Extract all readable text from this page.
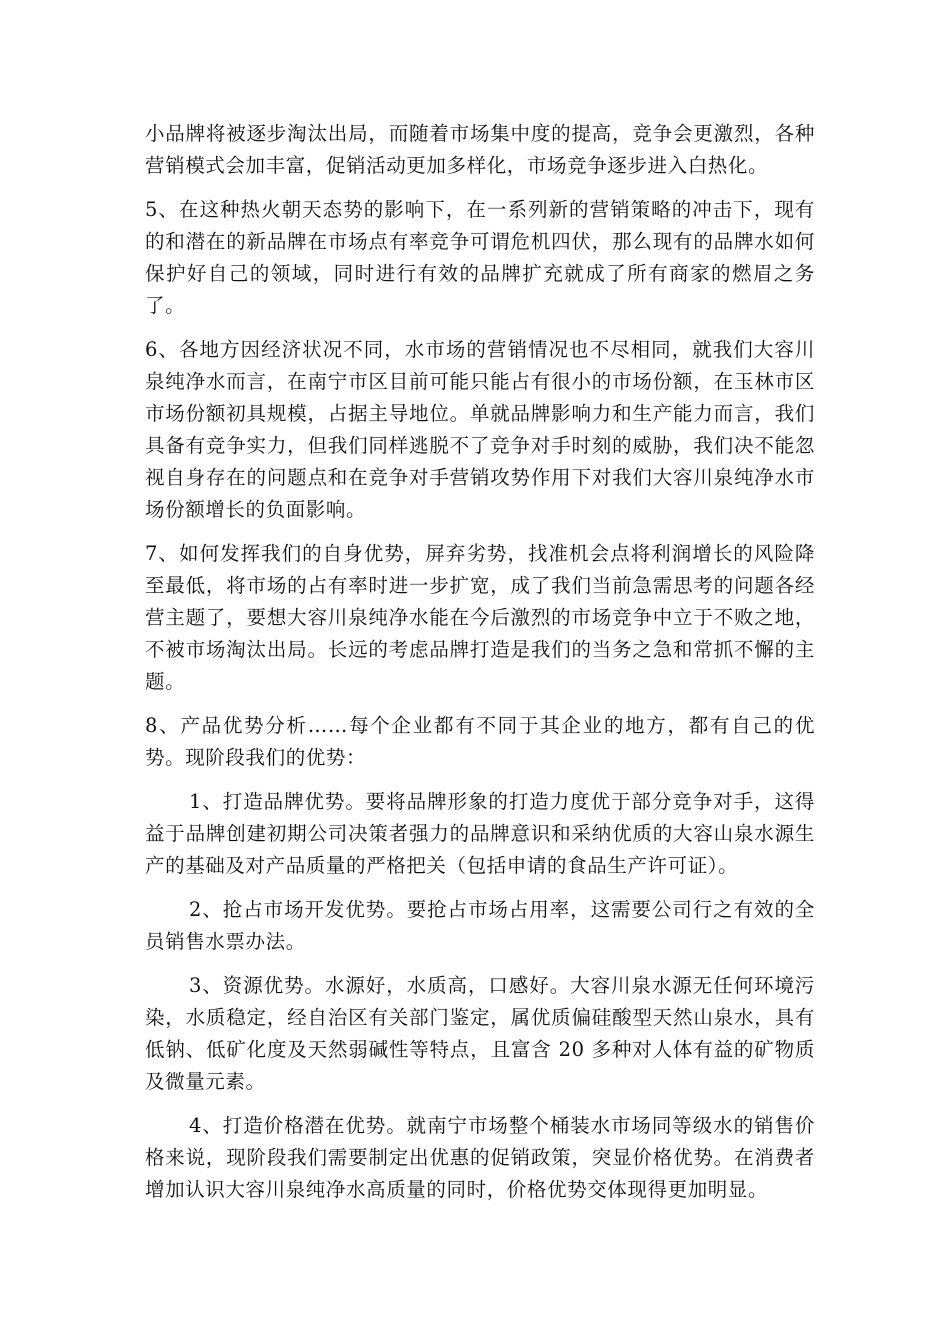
小品牌将被逐步淘汰出局，而随着市场集中度的提高，竞争会更激烈，各种营销模式会加丰富，促销活动更加多样化，市场竞争逐步进入白热化。

5、在这种热火朝天态势的影响下，在一系列新的营销策略的冲击下，现有的和潜在的新品牌在市场点有率竞争可谓危机四伏，那么现有的品牌水如何保护好自己的领域，同时进行有效的品牌扩充就成了所有商家的燃眉之务了。

6、各地方因经济状况不同，水市场的营销情况也不尽相同，就我们大容川泉纯净水而言，在南宁市区目前可能只能占有很小的市场份额，在玉林市区市场份额初具规模，占据主导地位。单就品牌影响力和生产能力而言，我们具备有竞争实力，但我们同样逃脱不了竞争对手时刻的威胁，我们决不能忽视自身存在的问题点和在竞争对手营销攻势作用下对我们大容川泉纯净水市场份额增长的负面影响。

7、如何发挥我们的自身优势，屏弃劣势，找准机会点将利润增长的风险降至最低，将市场的占有率时进一步扩宽，成了我们当前急需思考的问题各经营主题了，要想大容川泉纯净水能在今后激烈的市场竞争中立于不败之地，不被市场淘汰出局。长远的考虑品牌打造是我们的当务之急和常抓不懈的主题。

8、产品优势分析……每个企业都有不同于其企业的地方，都有自己的优势。现阶段我们的优势：

1、打造品牌优势。要将品牌形象的打造力度优于部分竞争对手，这得益于品牌创建初期公司决策者强力的品牌意识和采纳优质的大容山泉水源生产的基础及对产品质量的严格把关（包括申请的食品生产许可证）。

2、抢占市场开发优势。要抢占市场占用率，这需要公司行之有效的全员销售水票办法。

3、资源优势。水源好，水质高，口感好。大容川泉水源无任何环境污染，水质稳定，经自治区有关部门鉴定，属优质偏硅酸型天然山泉水，具有低钠、低矿化度及天然弱碱性等特点，且富含 20 多种对人体有益的矿物质及微量元素。

4、打造价格潜在优势。就南宁市场整个桶装水市场同等级水的销售价格来说，现阶段我们需要制定出优惠的促销政策，突显价格优势。在消费者增加认识大容川泉纯净水高质量的同时，价格优势交体现得更加明显。
